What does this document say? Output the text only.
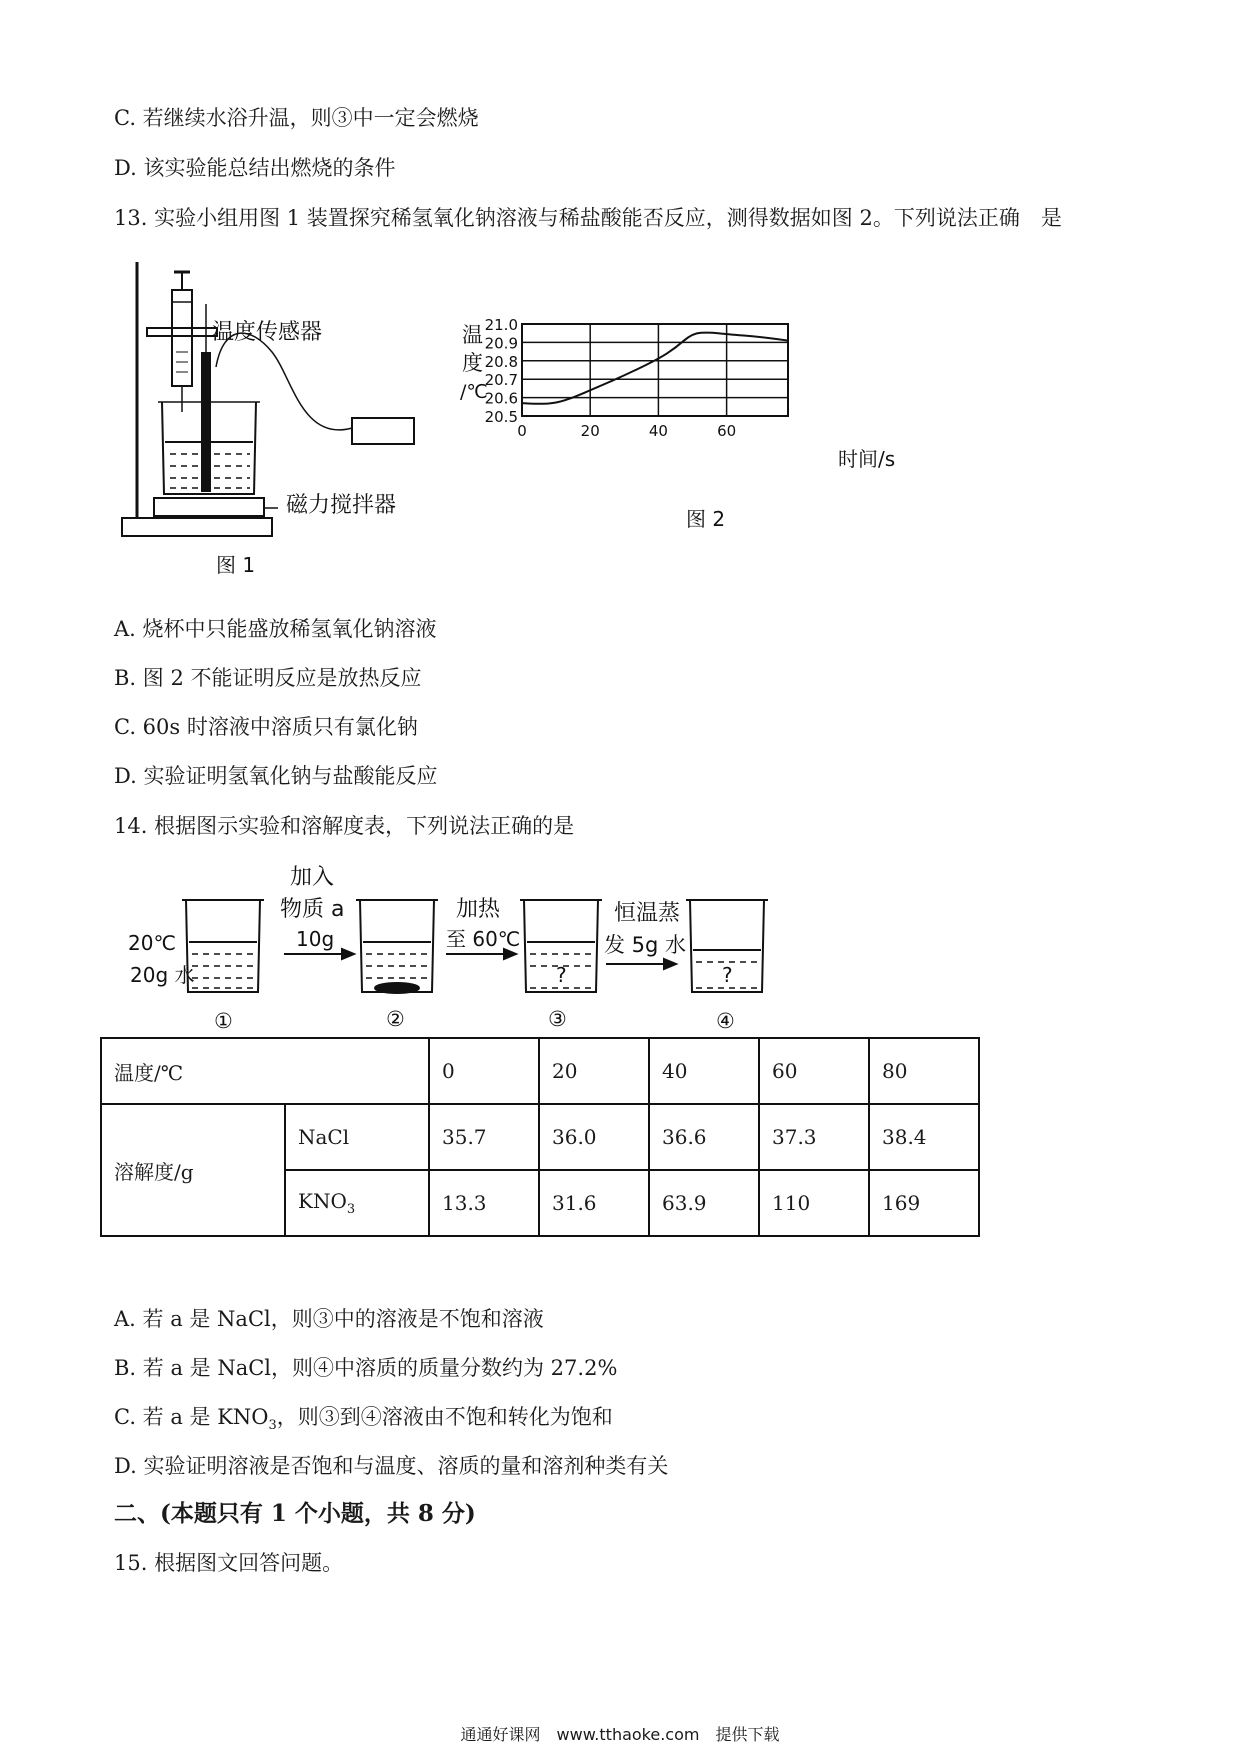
C. 若继续水浴升温，则③中一定会燃烧
D. 该实验能总结出燃烧的条件
13. 实验小组用图 1 装置探究稀氢氧化钠溶液与稀盐酸能否反应，测得数据如图 2。下列说法正确　是
温度传感器
磁力搅拌器
图 1
温
度
/℃
20.5
20.6
20.7
20.8
20.9
21.0
0	20	40	60
时间/s
图 2
A. 烧杯中只能盛放稀氢氧化钠溶液
B. 图 2 不能证明反应是放热反应
C. 60s 时溶液中溶质只有氯化钠
D. 实验证明氢氧化钠与盐酸能反应
14. 根据图示实验和溶解度表，下列说法正确的是
20℃
20g 水
加入
物质 a
10g
加热
至 60℃
恒温蒸
发 5g 水
?	?
①	②	③	④
温度/℃		0	20	40	60	80
溶解度/g	NaCl	35.7	36.0	36.6	37.3	38.4
	$KNO_3$	13.3	31.6	63.9	110	169
A. 若 a 是 NaCl，则③中的溶液是不饱和溶液
B. 若 a 是 NaCl，则④中溶质的质量分数约为 27.2%
C. 若 a 是 $KNO_3$，则③到④溶液由不饱和转化为饱和
D. 实验证明溶液是否饱和与温度、溶质的量和溶剂种类有关
二、(本题只有 1 个小题，共 8 分)
15. 根据图文回答问题。
通通好课网　www.tthaoke.com　提供下载
